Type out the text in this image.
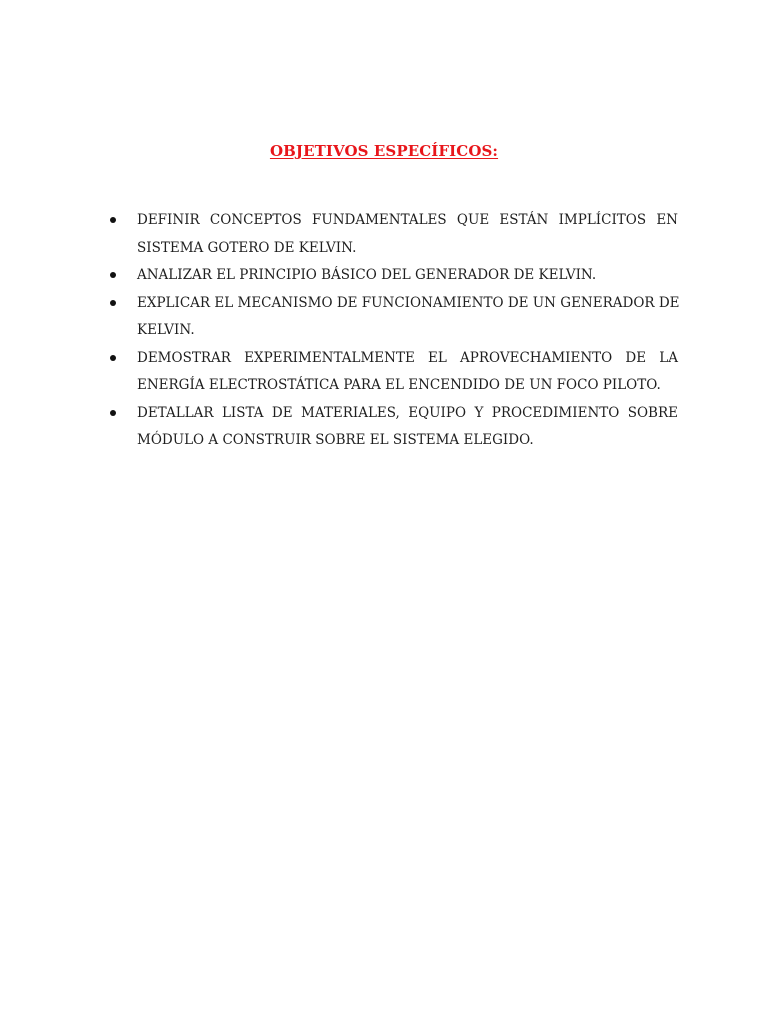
OBJETIVOS ESPECÍFICOS:
DEFINIR CONCEPTOS FUNDAMENTALES QUE ESTÁN IMPLÍCITOS EN
SISTEMA GOTERO DE KELVIN.
ANALIZAR EL PRINCIPIO BÁSICO DEL GENERADOR DE KELVIN.
EXPLICAR EL MECANISMO DE FUNCIONAMIENTO DE UN GENERADOR DE
KELVIN.
DEMOSTRAR EXPERIMENTALMENTE EL APROVECHAMIENTO DE LA
ENERGÍA ELECTROSTÁTICA PARA EL ENCENDIDO DE UN FOCO PILOTO.
DETALLAR LISTA DE MATERIALES, EQUIPO Y PROCEDIMIENTO SOBRE
MÓDULO A CONSTRUIR SOBRE EL SISTEMA ELEGIDO.
